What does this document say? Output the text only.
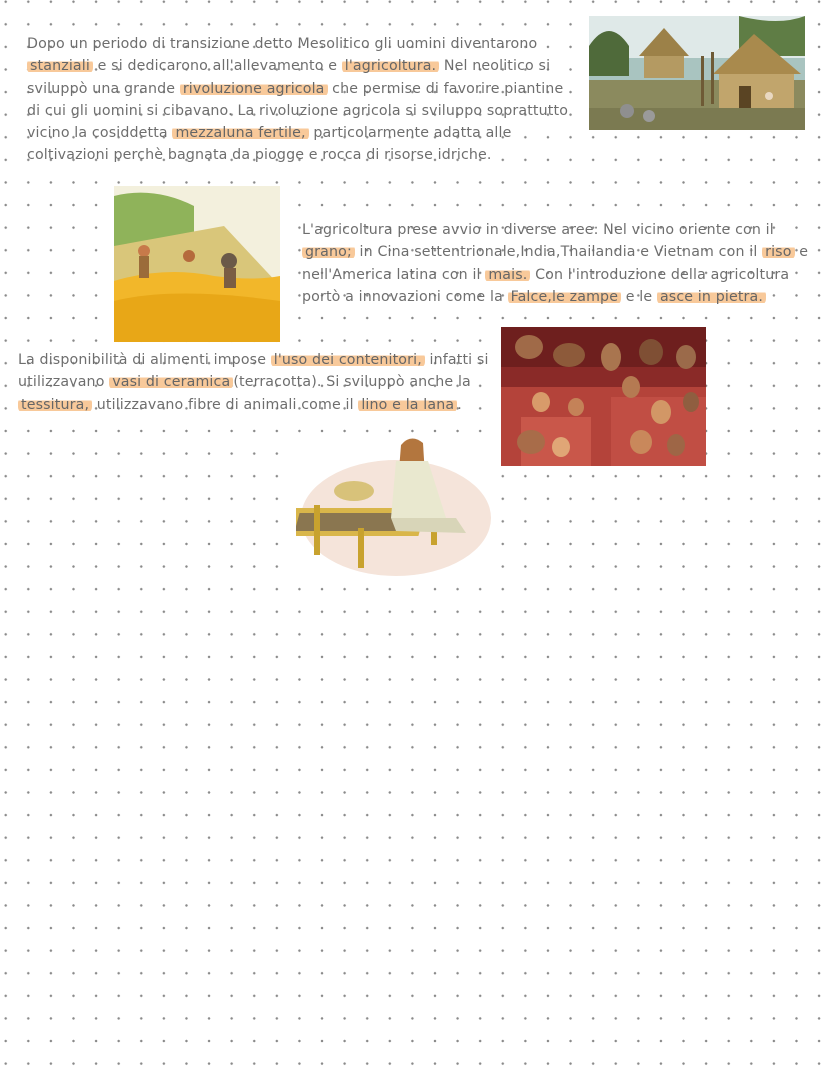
Dopo un periodo di transizione detto Mesolitico gli uomini diventarono stanziali e si dedicarono all'allevamento e l'agricoltura. Nel neolitico si sviluppò una grande rivoluzione agricola che permise di favorire piantine di cui gli uomini si cibavano. La rivoluzione agricola si sviluppo soprattutto vicino la cosiddetta mezzaluna fertile, particolarmente adatta alle coltivazioni perchè bagnata da piogge e rocca di risorse idriche.

L'agricoltura prese avvio in diverse aree: Nel vicino oriente con il grano; in Cina settentrionale,India,Thailandia e Vietnam con il riso e nell'America latina con il mais. Con l'introduzione della agricoltura portò a innovazioni come la Falce,le zampe e le asce in pietra.

La disponibilità di alimenti impose l'uso dei contenitori, infatti si utilizzavano vasi di ceramica (terracotta). Si sviluppò anche la tessitura, utilizzavano fibre di animali come il lino e la lana .
